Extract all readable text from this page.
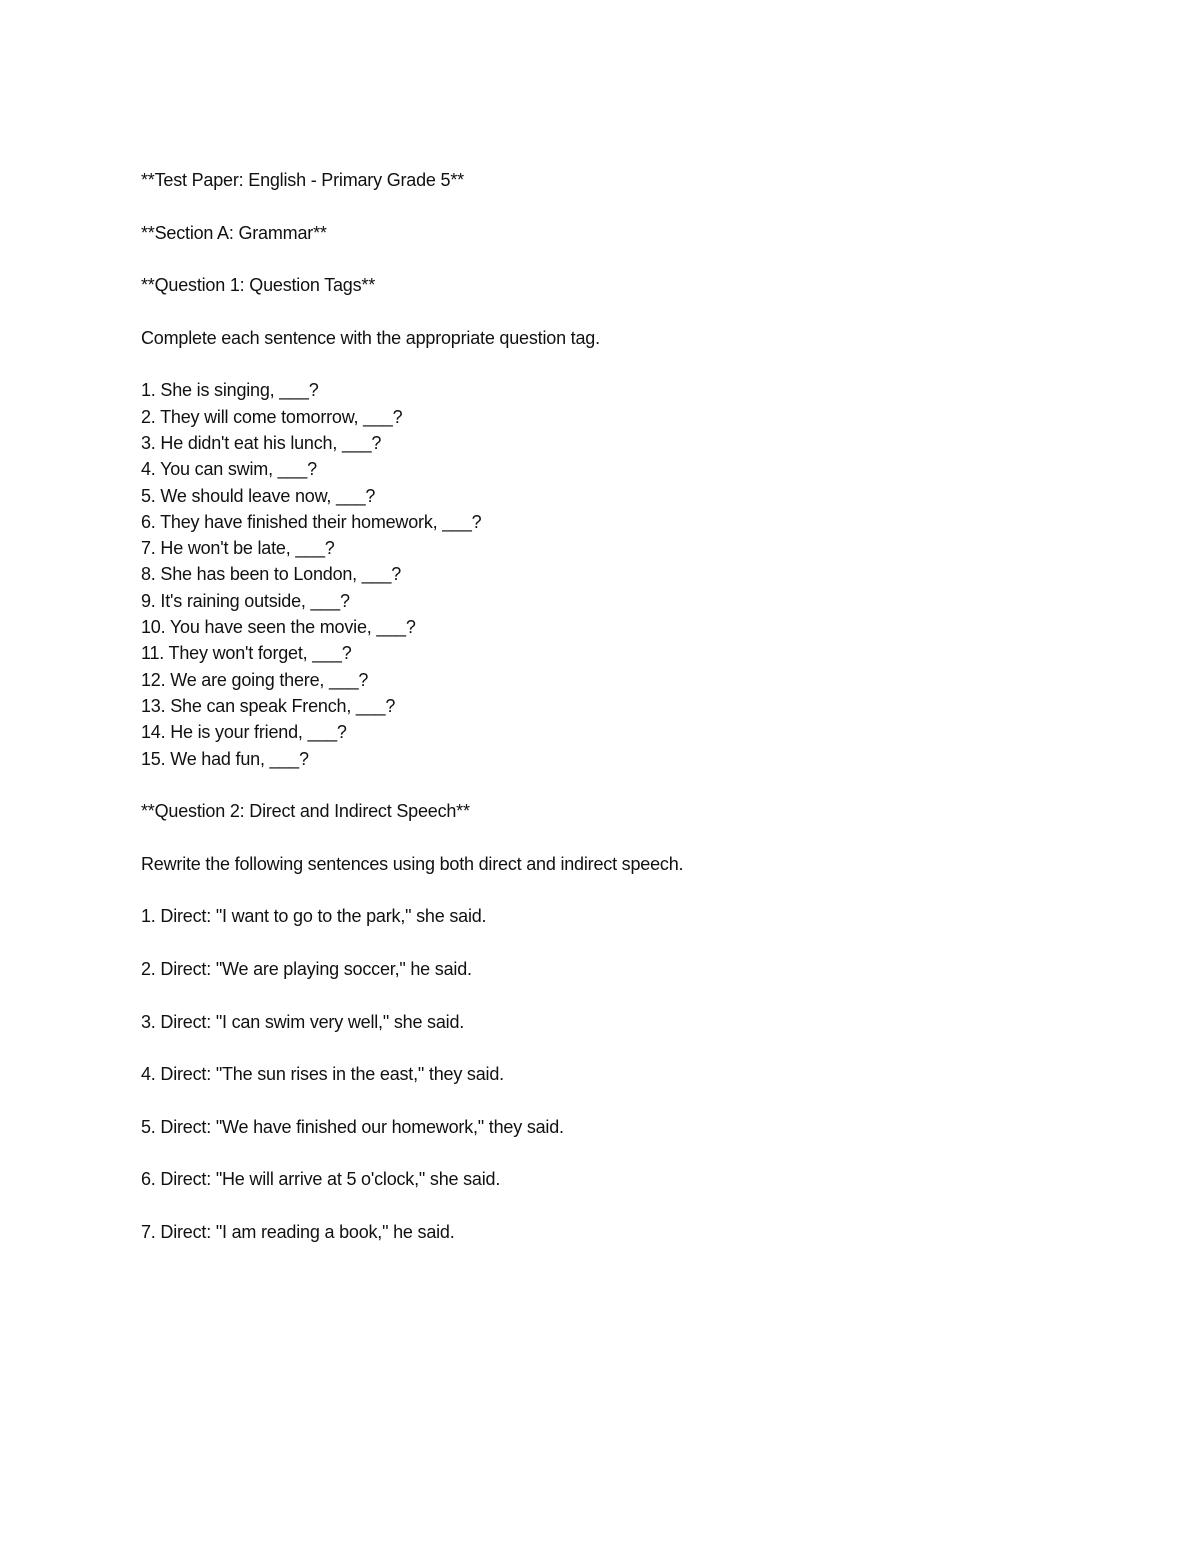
**Test Paper: English - Primary Grade 5**
**Section A: Grammar**
**Question 1: Question Tags**
Complete each sentence with the appropriate question tag.
1. She is singing, ___?
2. They will come tomorrow, ___?
3. He didn't eat his lunch, ___?
4. You can swim, ___?
5. We should leave now, ___?
6. They have finished their homework, ___?
7. He won't be late, ___?
8. She has been to London, ___?
9. It's raining outside, ___?
10. You have seen the movie, ___?
11. They won't forget, ___?
12. We are going there, ___?
13. She can speak French, ___?
14. He is your friend, ___?
15. We had fun, ___?
**Question 2: Direct and Indirect Speech**
Rewrite the following sentences using both direct and indirect speech.
1. Direct: "I want to go to the park," she said.
2. Direct: "We are playing soccer," he said.
3. Direct: "I can swim very well," she said.
4. Direct: "The sun rises in the east," they said.
5. Direct: "We have finished our homework," they said.
6. Direct: "He will arrive at 5 o'clock," she said.
7. Direct: "I am reading a book," he said.
